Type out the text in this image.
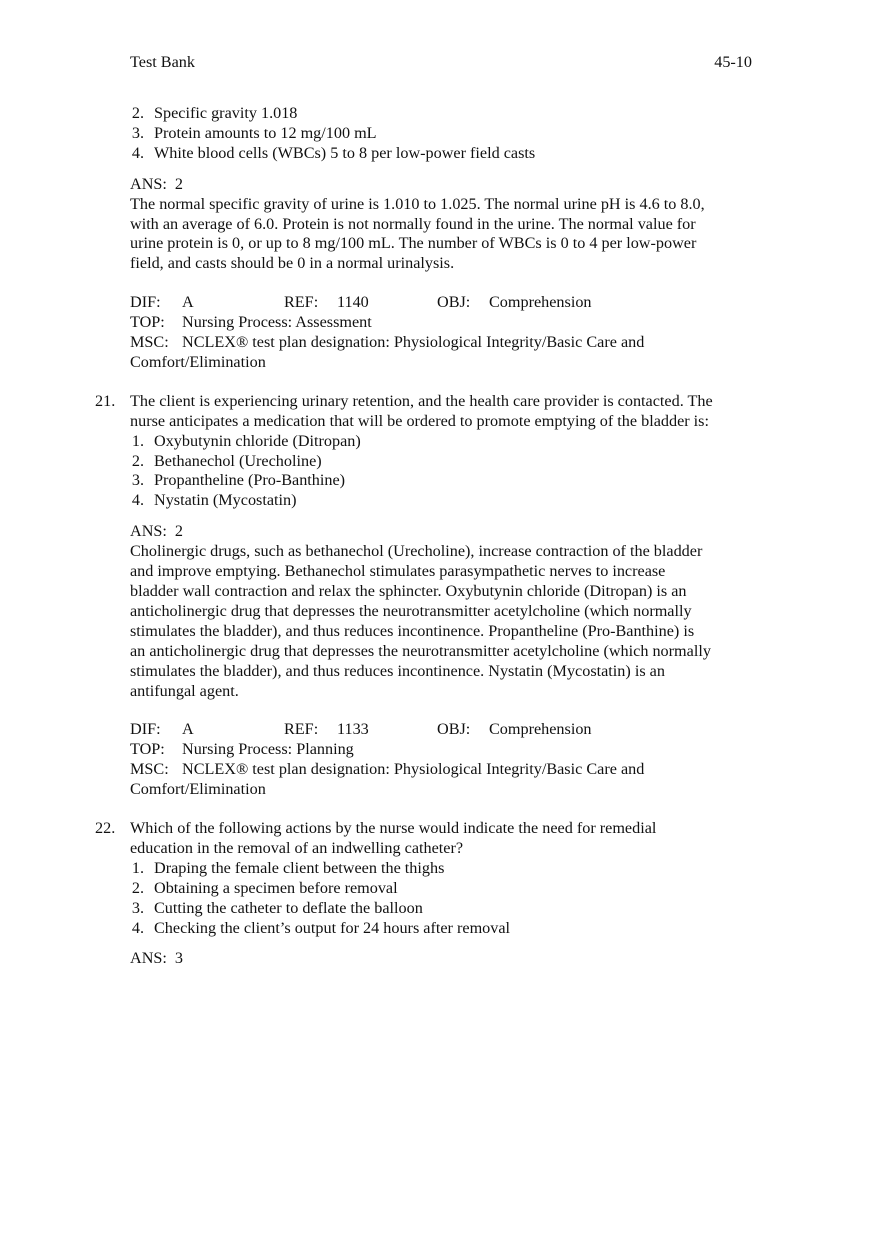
Test Bank	45-10
2. Specific gravity 1.018
3. Protein amounts to 12 mg/100 mL
4. White blood cells (WBCs) 5 to 8 per low-power field casts
ANS: 2
The normal specific gravity of urine is 1.010 to 1.025. The normal urine pH is 4.6 to 8.0,
with an average of 6.0. Protein is not normally found in the urine. The normal value for
urine protein is 0, or up to 8 mg/100 mL. The number of WBCs is 0 to 4 per low-power
field, and casts should be 0 in a normal urinalysis.
DIF: A	REF: 1140	OBJ: Comprehension
TOP: Nursing Process: Assessment
MSC: NCLEX® test plan designation: Physiological Integrity/Basic Care and
Comfort/Elimination
21. The client is experiencing urinary retention, and the health care provider is contacted. The
nurse anticipates a medication that will be ordered to promote emptying of the bladder is:
1. Oxybutynin chloride (Ditropan)
2. Bethanechol (Urecholine)
3. Propantheline (Pro-Banthine)
4. Nystatin (Mycostatin)
ANS: 2
Cholinergic drugs, such as bethanechol (Urecholine), increase contraction of the bladder
and improve emptying. Bethanechol stimulates parasympathetic nerves to increase
bladder wall contraction and relax the sphincter. Oxybutynin chloride (Ditropan) is an
anticholinergic drug that depresses the neurotransmitter acetylcholine (which normally
stimulates the bladder), and thus reduces incontinence. Propantheline (Pro-Banthine) is
an anticholinergic drug that depresses the neurotransmitter acetylcholine (which normally
stimulates the bladder), and thus reduces incontinence. Nystatin (Mycostatin) is an
antifungal agent.
DIF: A	REF: 1133	OBJ: Comprehension
TOP: Nursing Process: Planning
MSC: NCLEX® test plan designation: Physiological Integrity/Basic Care and
Comfort/Elimination
22. Which of the following actions by the nurse would indicate the need for remedial
education in the removal of an indwelling catheter?
1. Draping the female client between the thighs
2. Obtaining a specimen before removal
3. Cutting the catheter to deflate the balloon
4. Checking the client’s output for 24 hours after removal
ANS: 3
